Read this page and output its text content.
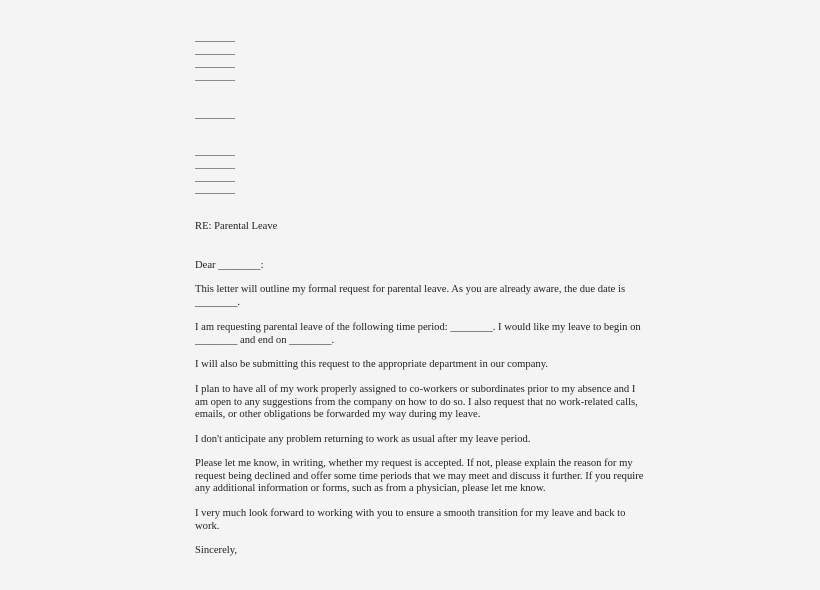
RE: Parental Leave
Dear ________:
This letter will outline my formal request for parental leave. As you are already aware, the due date is
________.
I am requesting parental leave of the following time period: ________. I would like my leave to begin on
________ and end on ________.
I will also be submitting this request to the appropriate department in our company.
I plan to have all of my work properly assigned to co-workers or subordinates prior to my absence and I
am open to any suggestions from the company on how to do so. I also request that no work-related calls,
emails, or other obligations be forwarded my way during my leave.
I don't anticipate any problem returning to work as usual after my leave period.
Please let me know, in writing, whether my request is accepted. If not, please explain the reason for my
request being declined and offer some time periods that we may meet and discuss it further. If you require
any additional information or forms, such as from a physician, please let me know.
I very much look forward to working with you to ensure a smooth transition for my leave and back to
work.
Sincerely,
